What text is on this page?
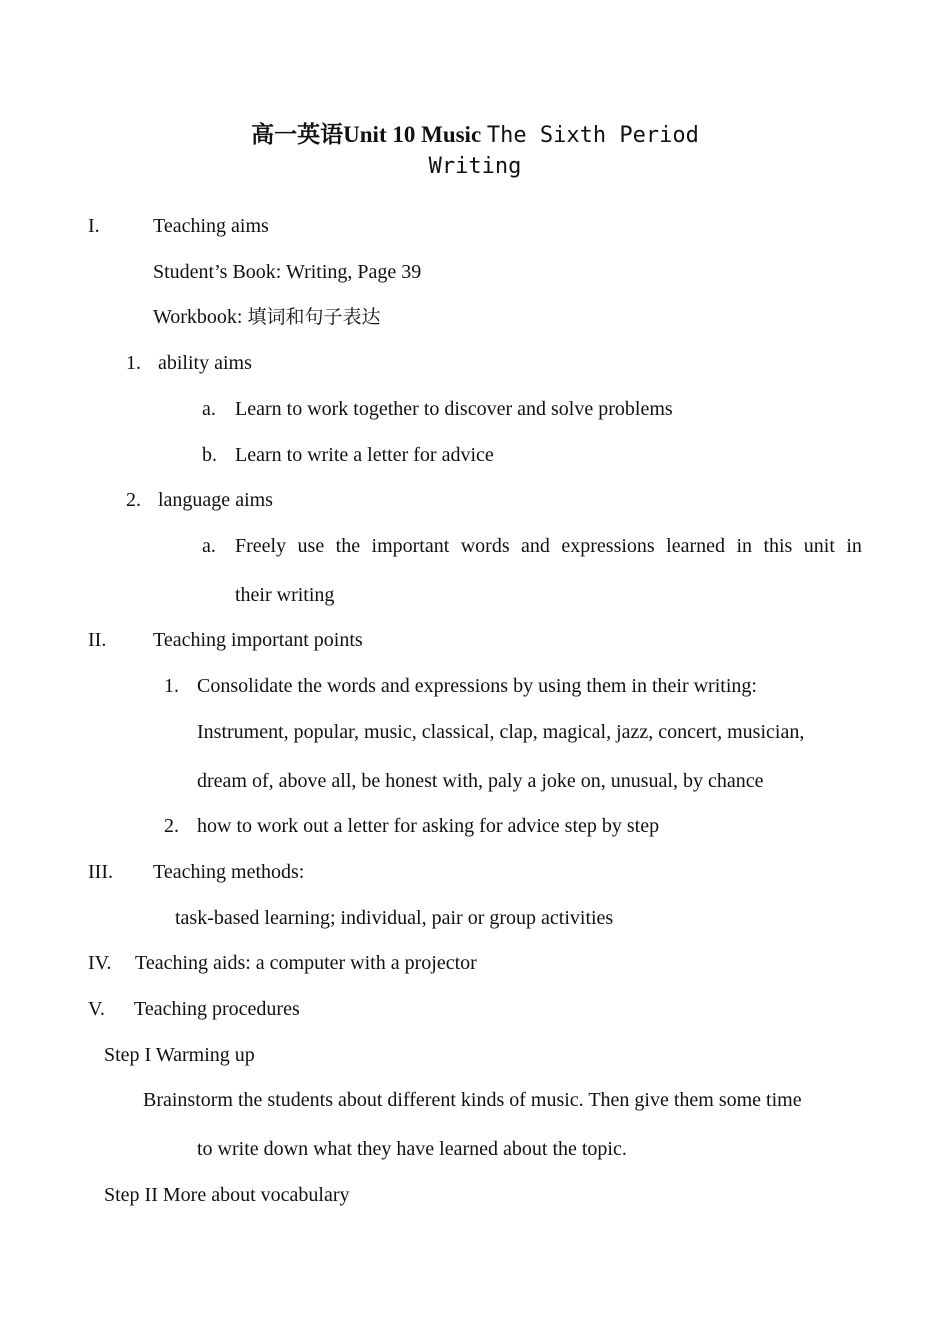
高一英语Unit 10 Music The Sixth Period
Writing
I.	Teaching aims
Student’s Book: Writing, Page 39
Workbook: 填词和句子表达
1. ability aims
a. Learn to work together to discover and solve problems
b. Learn to write a letter for advice
2. language aims
a. Freely use the important words and expressions learned in this unit in
their writing
II. Teaching important points
1. Consolidate the words and expressions by using them in their writing:
Instrument, popular, music, classical, clap, magical, jazz, concert, musician,
dream of, above all, be honest with, paly a joke on, unusual, by chance
2. how to work out a letter for asking for advice step by step
III. Teaching methods:
task-based learning; individual, pair or group activities
IV. Teaching aids: a computer with a projector
V. Teaching procedures
Step I Warming up
Brainstorm the students about different kinds of music. Then give them some time
to write down what they have learned about the topic.
Step II More about vocabulary
